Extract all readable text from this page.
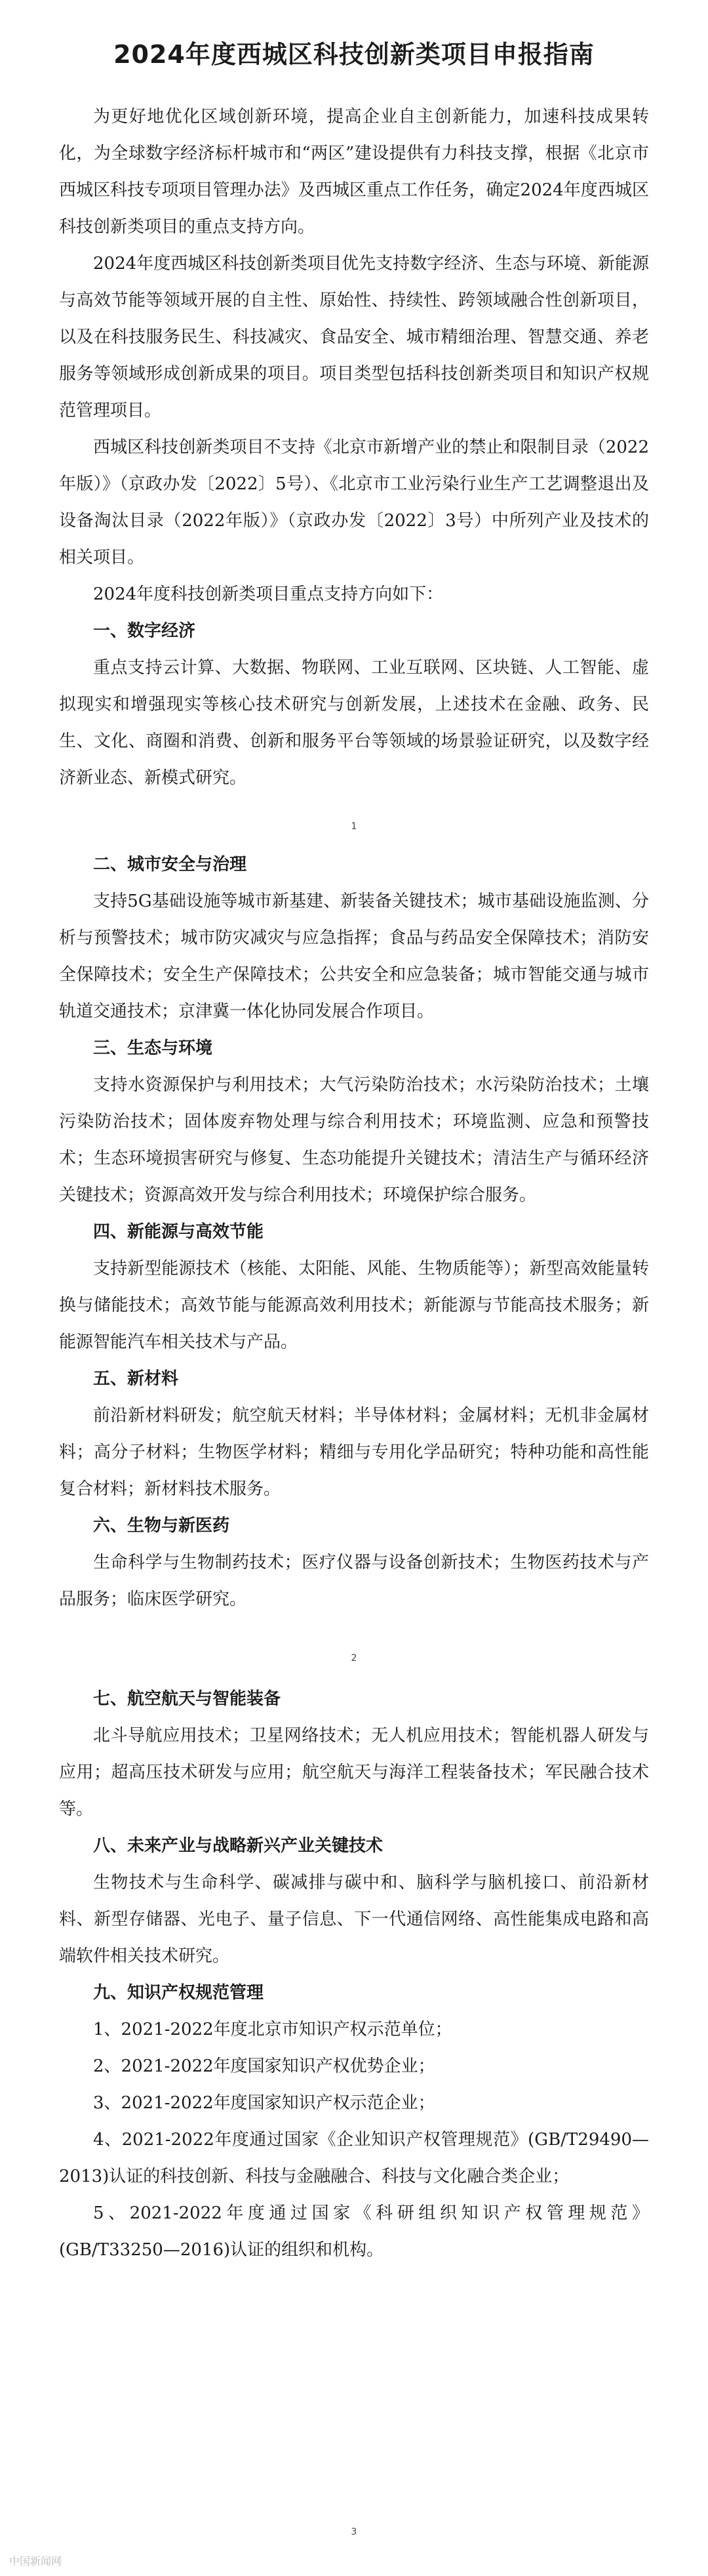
2024年度西城区科技创新类项目申报指南

为更好地优化区域创新环境，提高企业自主创新能力，加速科技成果转化，为全球数字经济标杆城市和“两区”建设提供有力科技支撑，根据《北京市西城区科技专项项目管理办法》及西城区重点工作任务，确定2024年度西城区科技创新类项目的重点支持方向。

2024年度西城区科技创新类项目优先支持数字经济、生态与环境、新能源与高效节能等领域开展的自主性、原始性、持续性、跨领域融合性创新项目，以及在科技服务民生、科技减灾、食品安全、城市精细治理、智慧交通、养老服务等领域形成创新成果的项目。项目类型包括科技创新类项目和知识产权规范管理项目。

西城区科技创新类项目不支持《北京市新增产业的禁止和限制目录（2022年版）》（京政办发〔2022〕5号）、《北京市工业污染行业生产工艺调整退出及设备淘汰目录（2022年版）》（京政办发〔2022〕3号）中所列产业及技术的相关项目。

2024年度科技创新类项目重点支持方向如下：

一、数字经济

重点支持云计算、大数据、物联网、工业互联网、区块链、人工智能、虚拟现实和增强现实等核心技术研究与创新发展，上述技术在金融、政务、民生、文化、商圈和消费、创新和服务平台等领域的场景验证研究，以及数字经济新业态、新模式研究。

1

二、城市安全与治理

支持5G基础设施等城市新基建、新装备关键技术；城市基础设施监测、分析与预警技术；城市防灾减灾与应急指挥；食品与药品安全保障技术；消防安全保障技术；安全生产保障技术；公共安全和应急装备；城市智能交通与城市轨道交通技术；京津冀一体化协同发展合作项目。

三、生态与环境

支持水资源保护与利用技术；大气污染防治技术；水污染防治技术；土壤污染防治技术；固体废弃物处理与综合利用技术；环境监测、应急和预警技术；生态环境损害研究与修复、生态功能提升关键技术；清洁生产与循环经济关键技术；资源高效开发与综合利用技术；环境保护综合服务。

四、新能源与高效节能

支持新型能源技术（核能、太阳能、风能、生物质能等）；新型高效能量转换与储能技术；高效节能与能源高效利用技术；新能源与节能高技术服务；新能源智能汽车相关技术与产品。

五、新材料

前沿新材料研发；航空航天材料；半导体材料；金属材料；无机非金属材料；高分子材料；生物医学材料；精细与专用化学品研究；特种功能和高性能复合材料；新材料技术服务。

六、生物与新医药

生命科学与生物制药技术；医疗仪器与设备创新技术；生物医药技术与产品服务；临床医学研究。

2

七、航空航天与智能装备

北斗导航应用技术；卫星网络技术；无人机应用技术；智能机器人研发与应用；超高压技术研发与应用；航空航天与海洋工程装备技术；军民融合技术等。

八、未来产业与战略新兴产业关键技术

生物技术与生命科学、碳减排与碳中和、脑科学与脑机接口、前沿新材料、新型存储器、光电子、量子信息、下一代通信网络、高性能集成电路和高端软件相关技术研究。

九、知识产权规范管理

1、2021-2022年度北京市知识产权示范单位；

2、2021-2022年度国家知识产权优势企业；

3、2021-2022年度国家知识产权示范企业；

4、2021-2022年度通过国家《企业知识产权管理规范》(GB/T29490—2013)认证的科技创新、科技与金融融合、科技与文化融合类企业；

5、2021-2022年度通过国家《科研组织知识产权管理规范》(GB/T33250—2016)认证的组织和机构。

3
中国新闻网
